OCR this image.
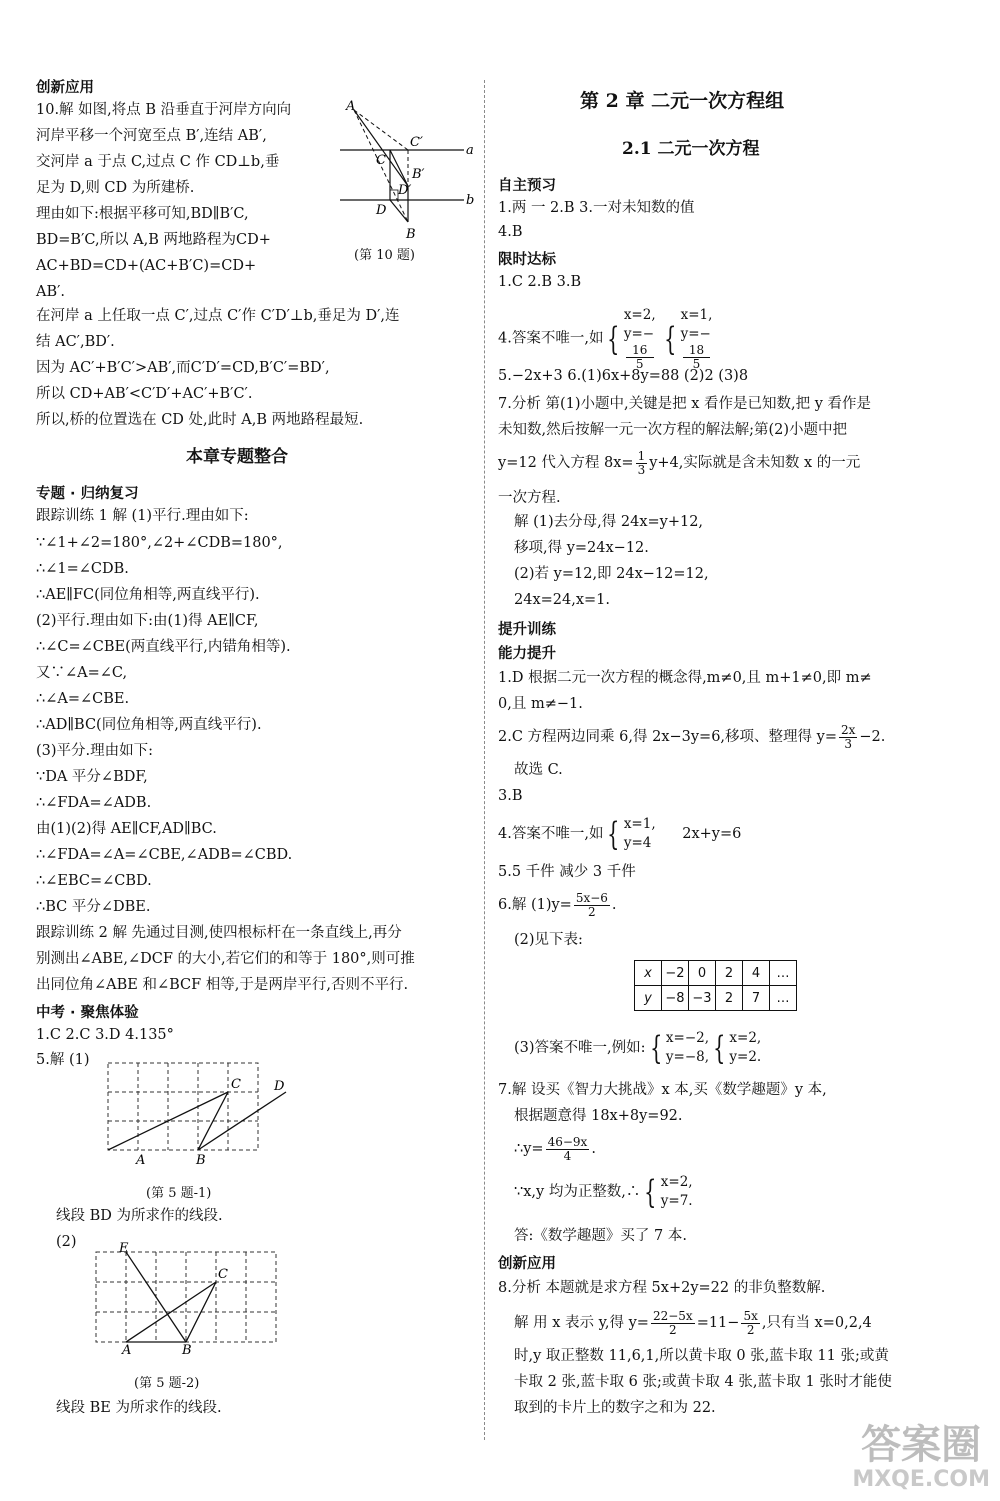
创新应用
10.解 如图,将点 B 沿垂直于河岸方向向
河岸平移一个河宽至点 B′,连结 AB′,
交河岸 a 于点 C,过点 C 作 CD⊥b,垂
足为 D,则 CD 为所建桥.
理由如下:根据平移可知,BD∥B′C,
BD=B′C,所以 A,B 两地路程为CD+
AC+BD=CD+(AC+B′C)=CD+
AB′.
在河岸 a 上任取一点 C′,过点 C′作 C′D′⊥b,垂足为 D′,连
结 AC′,BD′.
因为 AC′+B′C′>AB′,而C′D′=CD,B′C′=BD′,
所以 CD+AB′<C′D′+AC′+B′C′.
所以,桥的位置选在 CD 处,此时 A,B 两地路程最短.
A
C′
a
C
B′
D′
D
b
B
(第 10 题)
本章专题整合
专题 · 归纳复习
跟踪训练 1 解 (1)平行.理由如下:
∵∠1+∠2=180°,∠2+∠CDB=180°,
∴∠1=∠CDB.
∴AE∥FC(同位角相等,两直线平行).
(2)平行.理由如下:由(1)得 AE∥CF,
∴∠C=∠CBE(两直线平行,内错角相等).
又∵∠A=∠C,
∴∠A=∠CBE.
∴AD∥BC(同位角相等,两直线平行).
(3)平分.理由如下:
∵DA 平分∠BDF,
∴∠FDA=∠ADB.
由(1)(2)得 AE∥CF,AD∥BC.
∴∠FDA=∠A=∠CBE,∠ADB=∠CBD.
∴∠EBC=∠CBD.
∴BC 平分∠DBE.
跟踪训练 2 解 先通过目测,使四根标杆在一条直线上,再分
别测出∠ABE,∠DCF 的大小,若它们的和等于 180°,则可推
出同位角∠ABE 和∠BCF 相等,于是两岸平行,否则不平行.
中考 · 聚焦体验
1.C 2.C 3.D 4.135°
5.解 (1)
A	B
C	D
(第 5 题-1)
线段 BD 为所求作的线段.
(2)	E
C
A	B
(第 5 题-2)
线段 BE 为所求作的线段.
第 2 章 二元一次方程组
2.1 二元一次方程
自主预习
1.两 一 2.B 3.一对未知数的值
4.B
限时达标
1.C 2.B 3.B
4.答案不唯一,如 {
x=2,
y=−
16
5
{
x=1,
y=−
18
5
5.−2x+3 6.(1)6x+8y=88 (2)2 (3)8
7.分析 第(1)小题中,关键是把 x 看作是已知数,把 y 看作是
未知数,然后按解一元一次方程的解法解;第(2)小题中把
y=12 代入方程 $8x= \frac{1}{3} y+4$,实际就是含未知数 x 的一元
一次方程.
解 (1)去分母,得 24x=y+12,
移项,得 y=24x−12.
(2)若 y=12,即 24x−12=12,
24x=24,x=1.
提升训练
能力提升
1.D 根据二元一次方程的概念得,m≠0,且 m+1≠0,即 m≠
0,且 m≠−1.
2.C 方程两边同乘 6,得 2x−3y=6,移项、整理得 $y= \frac{2x}{3} -2$.
故选 C.
3.B
4.答案不唯一,如 { x=1,
y=4
2x+y=6
5.5 千件 减少 3 千件
6.解 $(1)y= \frac{5x-6}{2}$ .
(2)见下表:
x	−2	0	2	4	…
y	−8	−3	2	7	…
(3)答案不唯一,例如: { x=−2,
y=−8, { x=2,
y=2.
7.解 设买《智力大挑战》x 本,买《数学趣题》y 本,
根据题意得 18x+8y=92.
∴y= $\frac{46-9x}{4}$ .
∵x,y 均为正整数,∴ { x=2,
y=7.
答:《数学趣题》买了 7 本.
创新应用
8.分析 本题就是求方程 5x+2y=22 的非负整数解.
解 用 x 表示 y,得 $y= \frac{22-5x}{2} =11- \frac{5x}{2}$ ,只有当 x=0,2,4
时,y 取正整数 11,6,1,所以黄卡取 0 张,蓝卡取 11 张;或黄
卡取 2 张,蓝卡取 6 张;或黄卡取 4 张,蓝卡取 1 张时才能使
取到的卡片上的数字之和为 22.
答案圈
MXQE.COM
